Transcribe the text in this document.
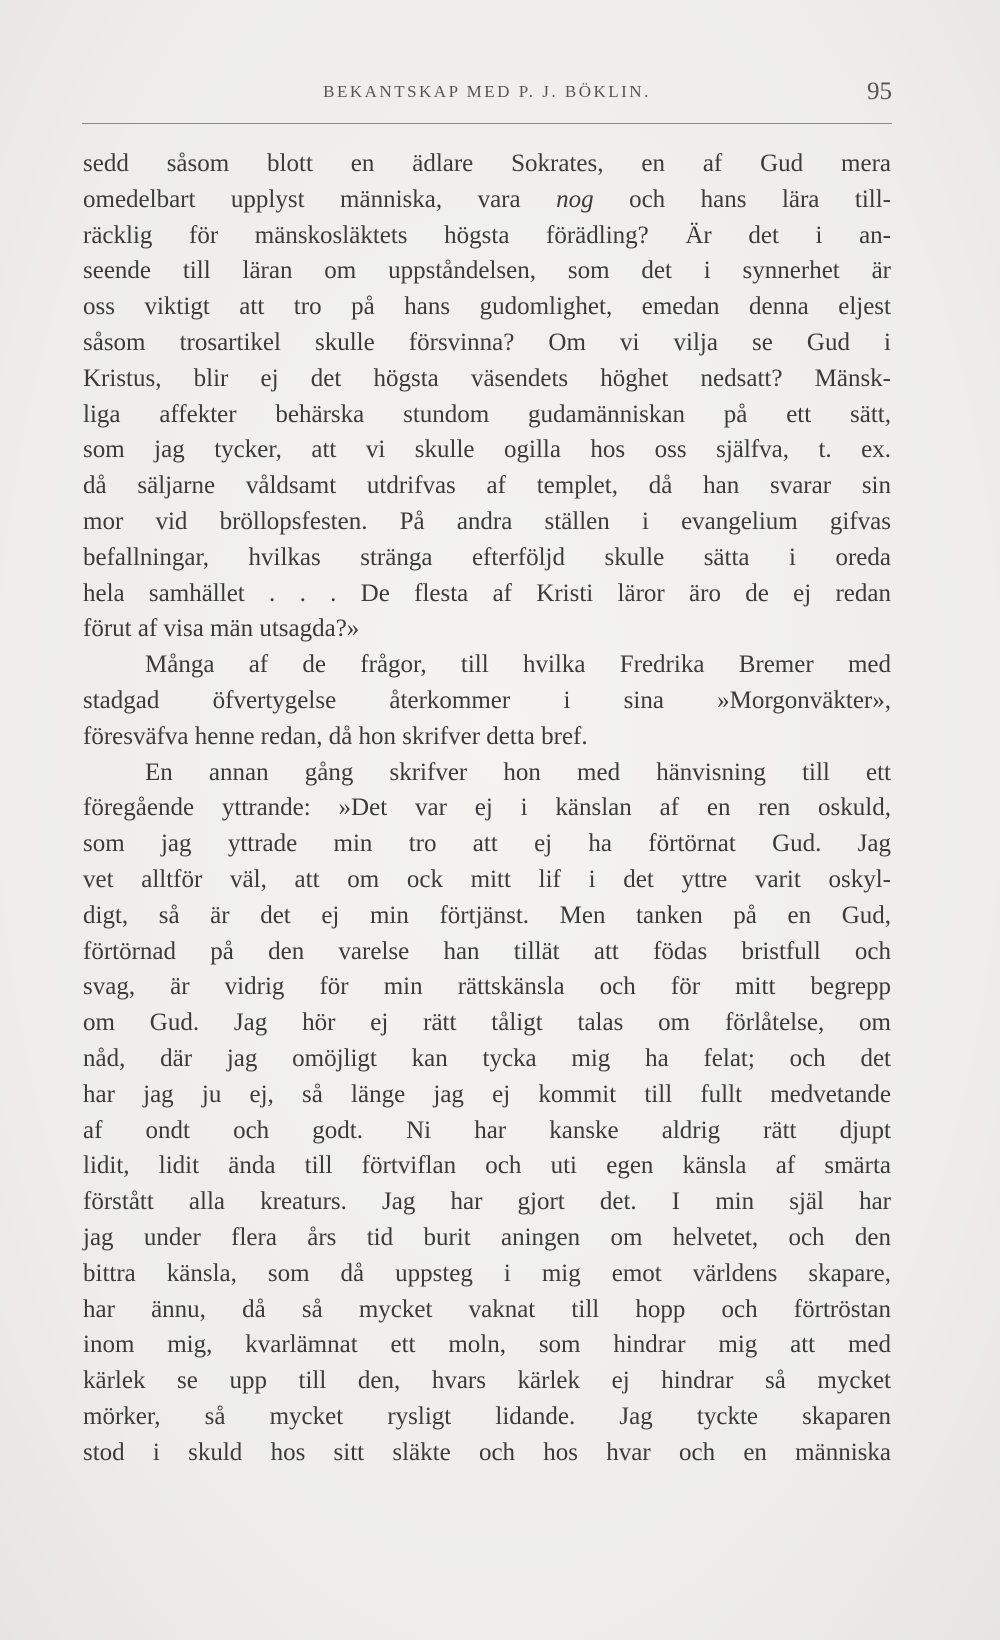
BEKANTSKAP MED P. J. BÖKLIN.	95
sedd såsom blott en ädlare Sokrates, en af Gud mera
omedelbart upplyst människa, vara nog och hans lära till-
räcklig för mänskosläktets högsta förädling? Är det i an-
seende till läran om uppståndelsen, som det i synnerhet är
oss viktigt att tro på hans gudomlighet, emedan denna eljest
såsom trosartikel skulle försvinna? Om vi vilja se Gud i
Kristus, blir ej det högsta väsendets höghet nedsatt? Mänsk-
liga affekter behärska stundom gudamänniskan på ett sätt,
som jag tycker, att vi skulle ogilla hos oss själfva, t. ex.
då säljarne våldsamt utdrifvas af templet, då han svarar sin
mor vid bröllopsfesten. På andra ställen i evangelium gifvas
befallningar, hvilkas stränga efterföljd skulle sätta i oreda
hela samhället . . . De flesta af Kristi läror äro de ej redan
förut af visa män utsagda?»
Många af de frågor, till hvilka Fredrika Bremer med
stadgad öfvertygelse återkommer i sina »Morgonväkter»,
föresväfva henne redan, då hon skrifver detta bref.
En annan gång skrifver hon med hänvisning till ett
föregående yttrande: »Det var ej i känslan af en ren oskuld,
som jag yttrade min tro att ej ha förtörnat Gud. Jag
vet alltför väl, att om ock mitt lif i det yttre varit oskyl-
digt, så är det ej min förtjänst. Men tanken på en Gud,
förtörnad på den varelse han tillät att födas bristfull och
svag, är vidrig för min rättskänsla och för mitt begrepp
om Gud. Jag hör ej rätt tåligt talas om förlåtelse, om
nåd, där jag omöjligt kan tycka mig ha felat; och det
har jag ju ej, så länge jag ej kommit till fullt medvetande
af ondt och godt. Ni har kanske aldrig rätt djupt
lidit, lidit ända till förtviflan och uti egen känsla af smärta
förstått alla kreaturs. Jag har gjort det. I min själ har
jag under flera års tid burit aningen om helvetet, och den
bittra känsla, som då uppsteg i mig emot världens skapare,
har ännu, då så mycket vaknat till hopp och förtröstan
inom mig, kvarlämnat ett moln, som hindrar mig att med
kärlek se upp till den, hvars kärlek ej hindrar så mycket
mörker, så mycket rysligt lidande. Jag tyckte skaparen
stod i skuld hos sitt släkte och hos hvar och en människa
